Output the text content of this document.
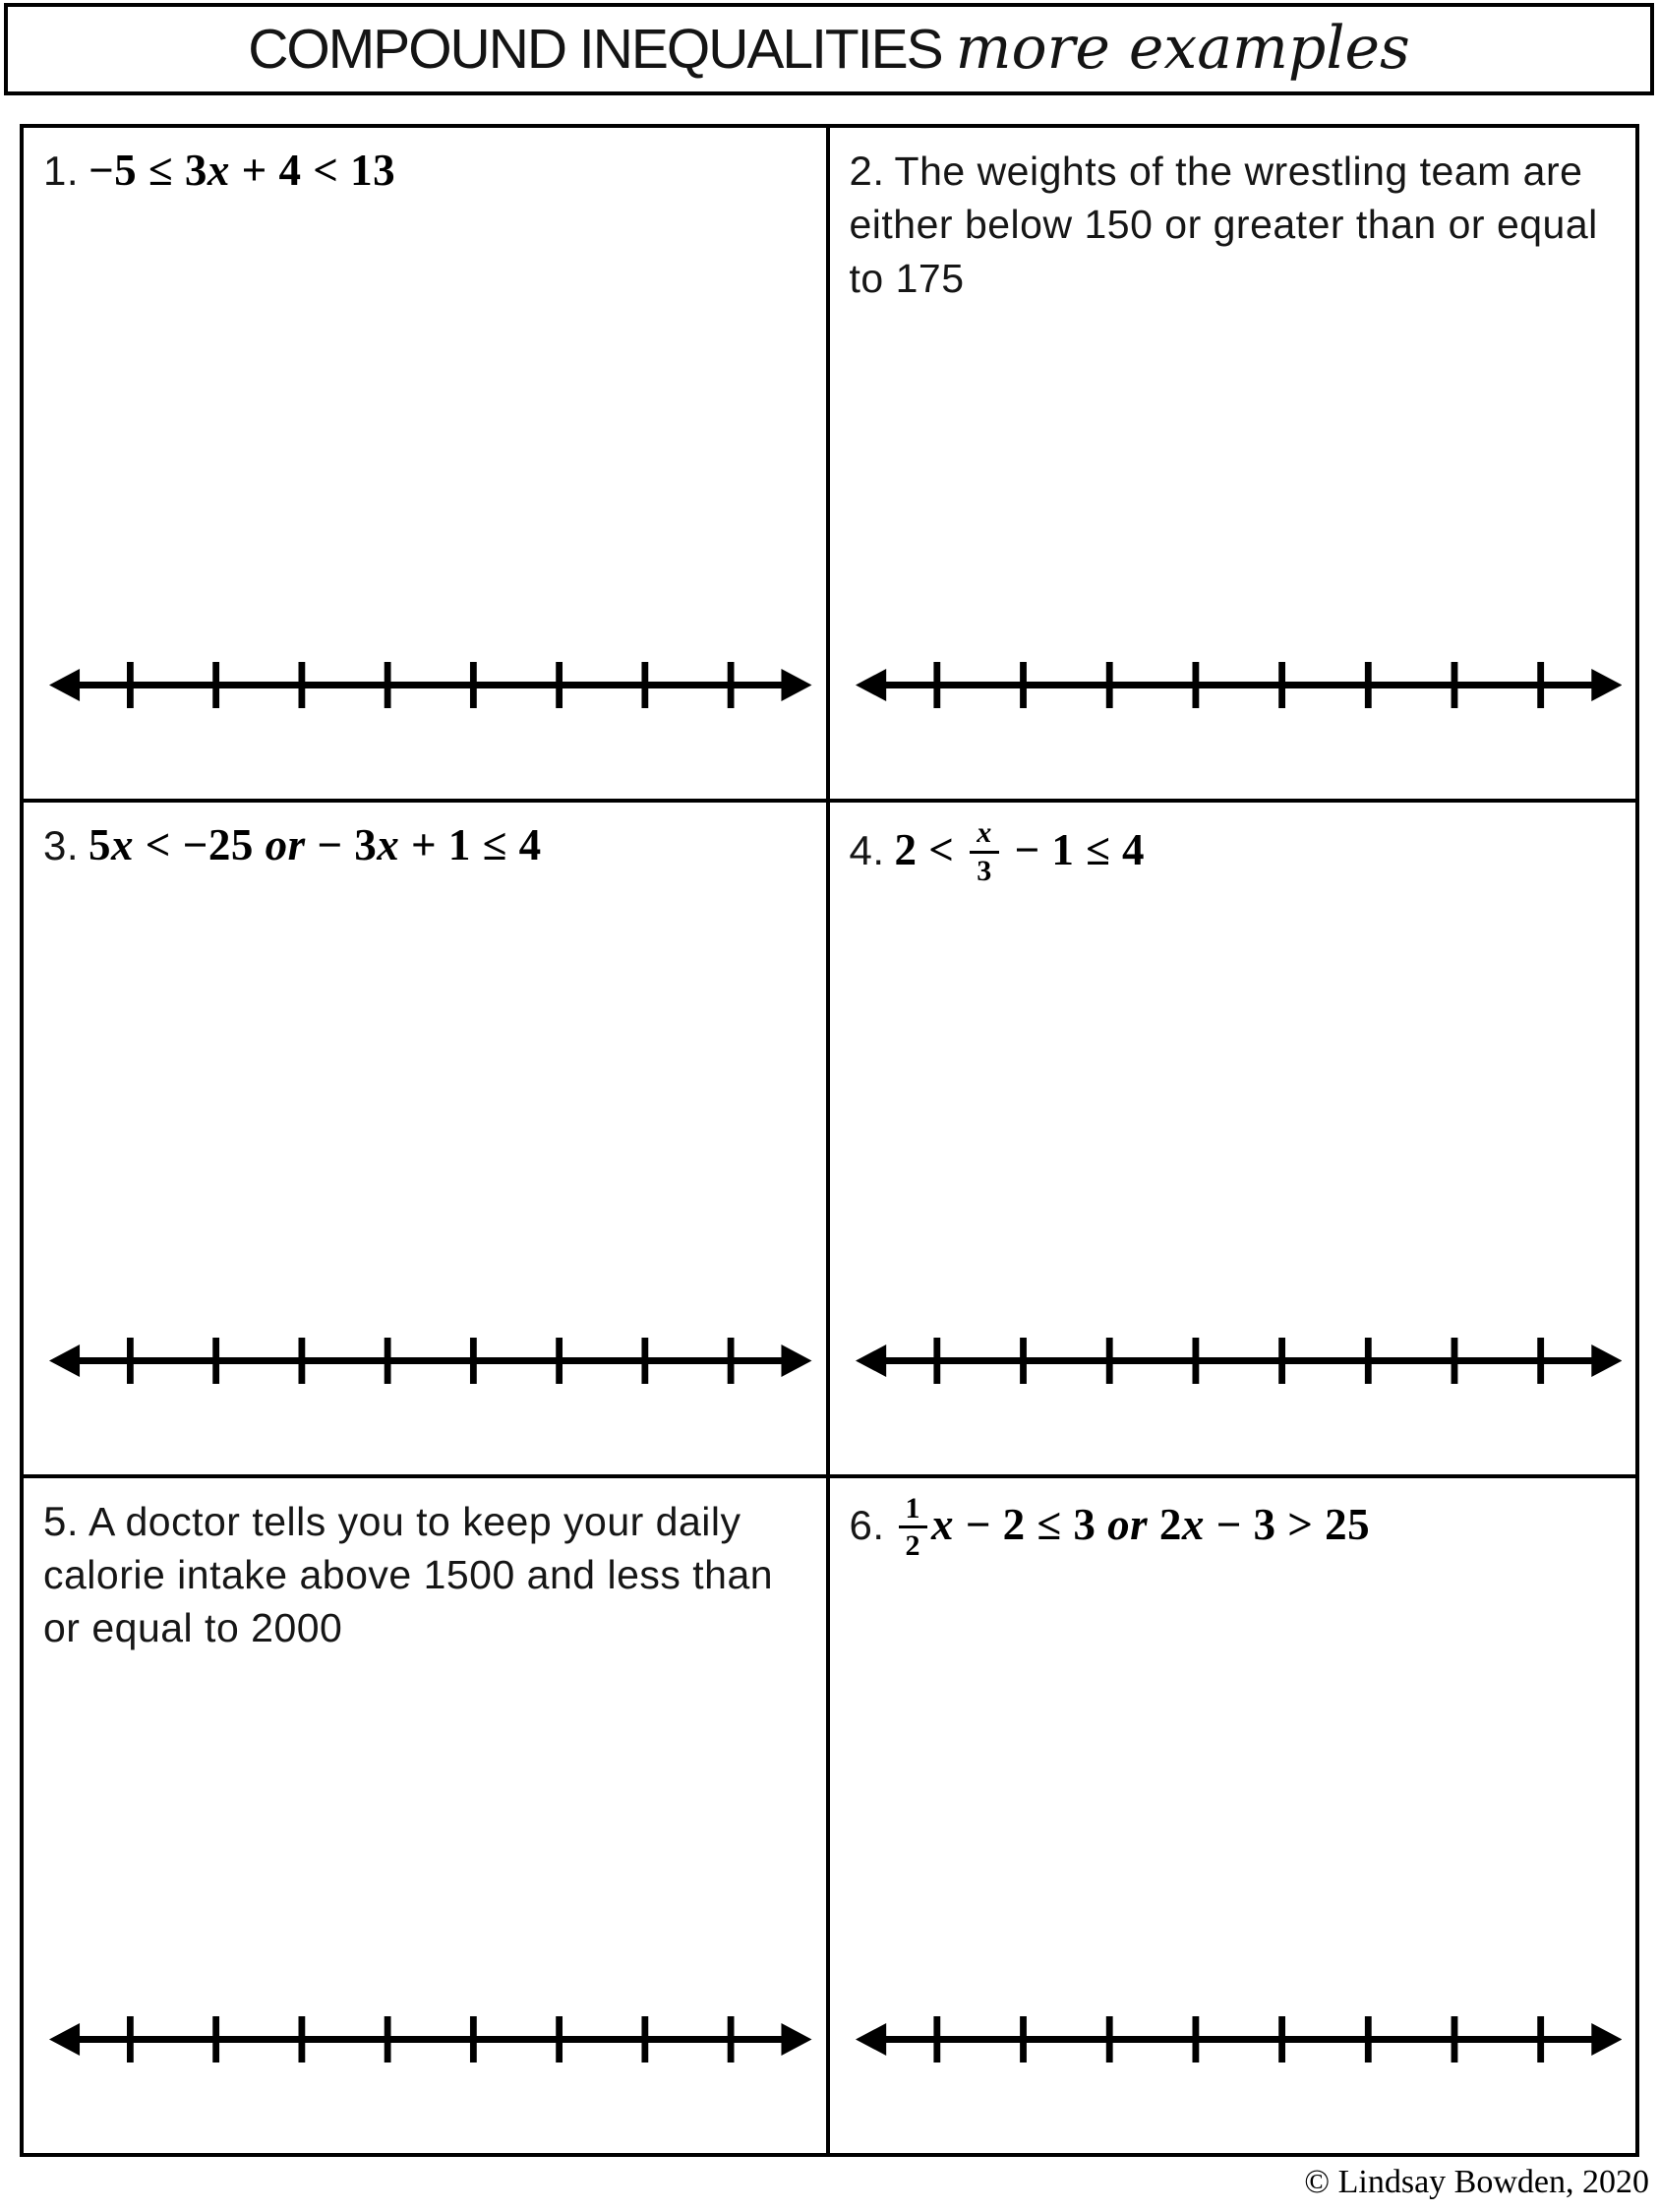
COMPOUND INEQUALITIES more examples

1. −5 ≤ 3x + 4 < 13	2. The weights of the wrestling team are either below 150 or greater than or equal to 175

3. 5x < −25 or − 3x + 1 ≤ 4	4. $2 < \frac{x}{3} - 1 \le 4$

5. A doctor tells you to keep your daily calorie intake above 1500 and less than or equal to 2000

6. $\frac{1}{2}$ x − 2 ≤ 3 or 2x − 3 > 25

© Lindsay Bowden, 2020
